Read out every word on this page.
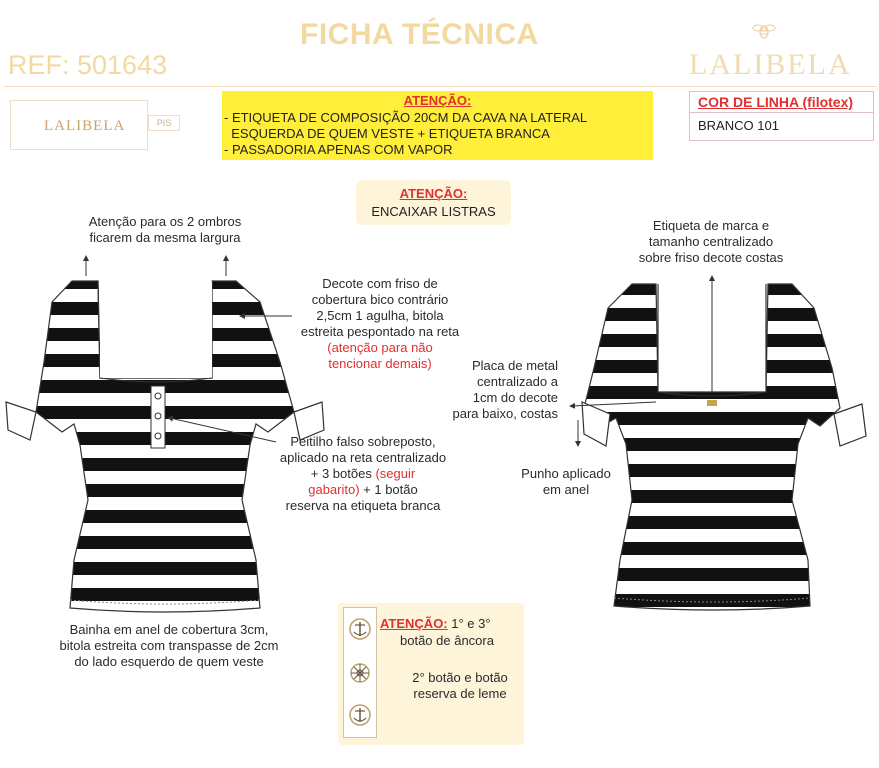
FICHA TÉCNICA
REF: 501643	LALIBELA
LALIBELA	PIS
ATENÇÃO:
- ETIQUETA DE COMPOSIÇÃO 20CM DA CAVA NA LATERAL
ESQUERDA DE QUEM VESTE + ETIQUETA BRANCA
- PASSADORIA APENAS COM VAPOR
COR DE LINHA (filotex)
BRANCO 101
ATENÇÃO:
ENCAIXAR LISTRAS
Atenção para os 2 ombros
ficarem da mesma largura
Decote com friso de
cobertura bico contrário
2,5cm 1 agulha, bitola
estreita pespontado na reta
(atenção para não
tencionar demais)
Peitilho falso sobreposto,
aplicado na reta centralizado
+ 3 botões (seguir
gabarito) + 1 botão
reserva na etiqueta branca
Bainha em anel de cobertura 3cm,
bitola estreita com transpasse de 2cm
do lado esquerdo de quem veste
Etiqueta de marca e
tamanho centralizado
sobre friso decote costas
Placa de metal
centralizado a
1cm do decote
para baixo, costas
Punho aplicado
em anel
ATENÇÃO: 1° e 3°
botão de âncora
2° botão e botão
reserva de leme
